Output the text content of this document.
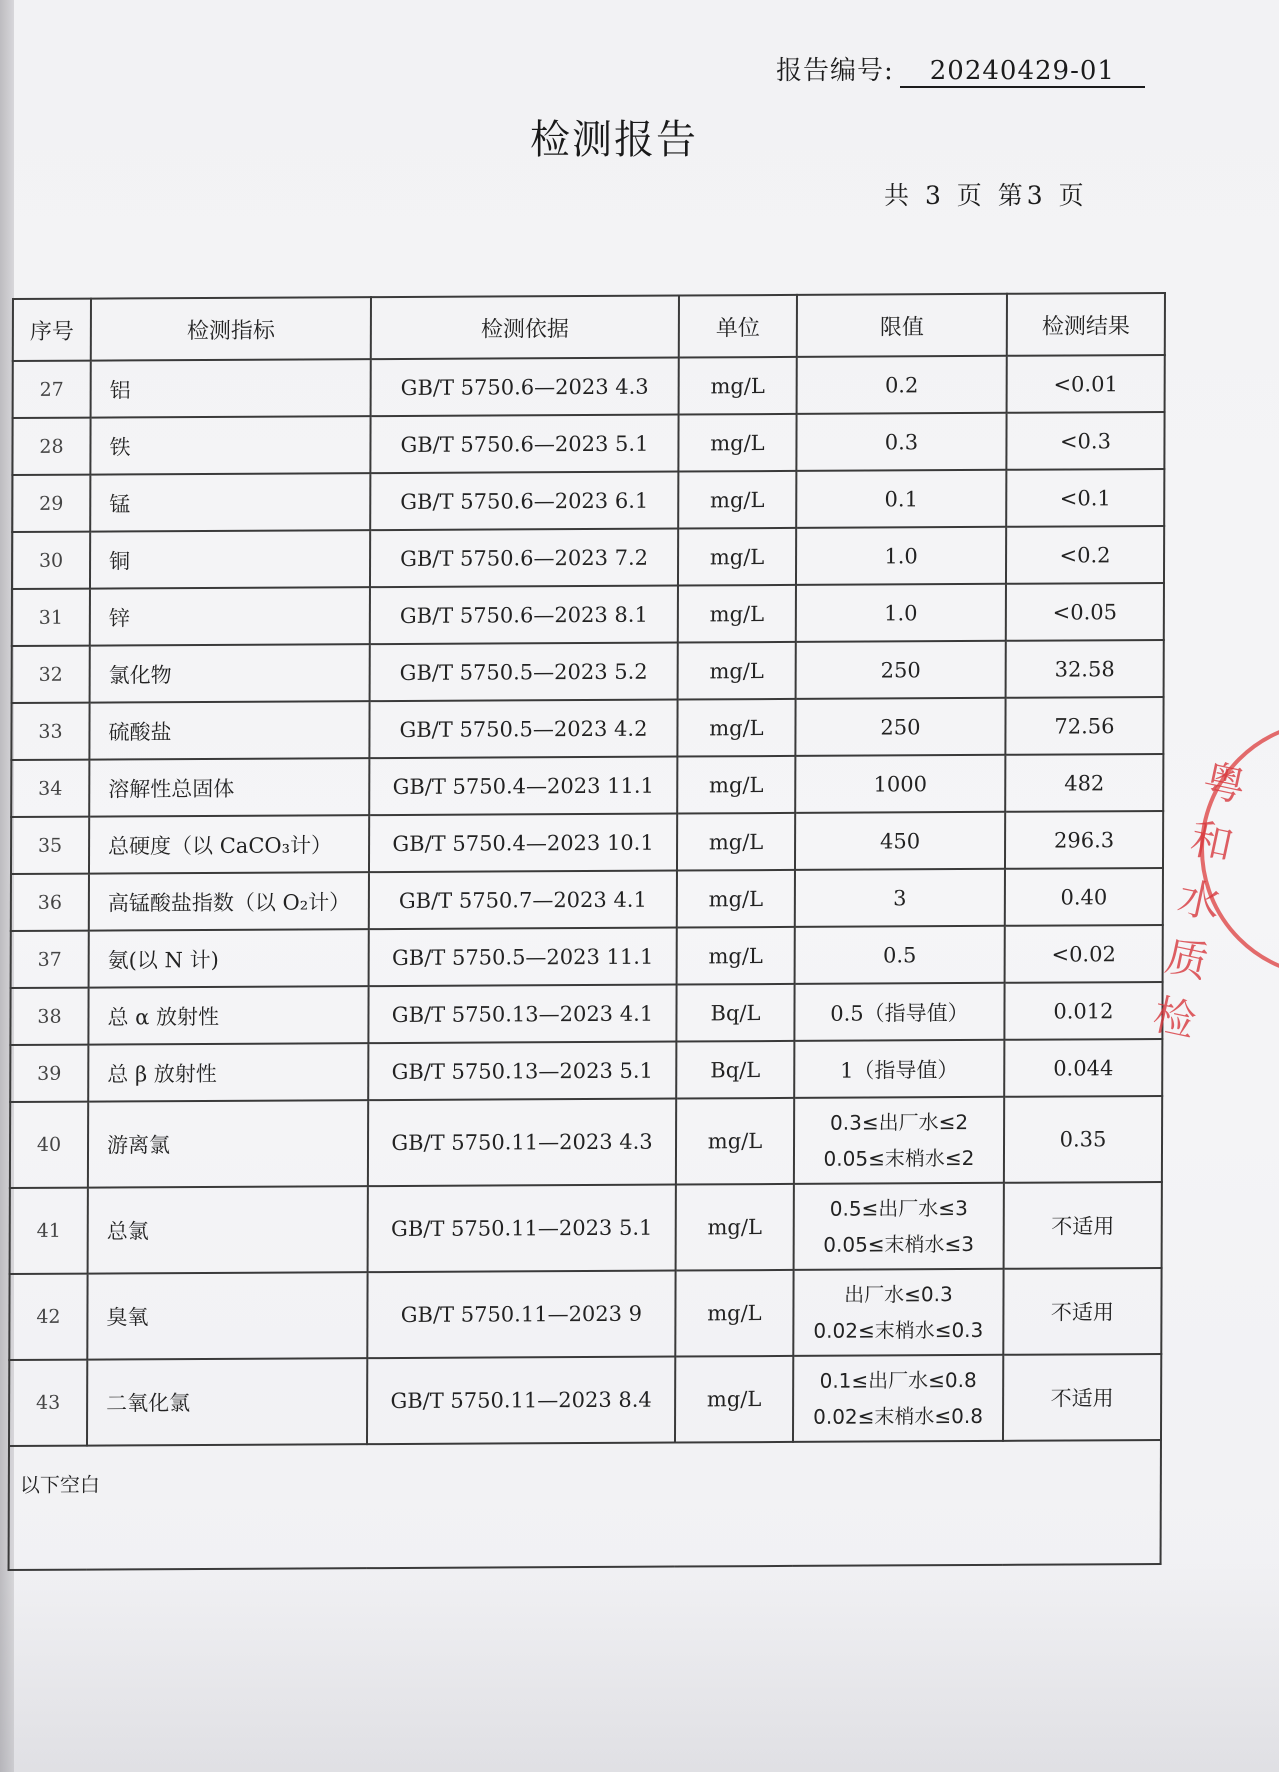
报告编号: 20240429-01
检测报告
共 3 页 第3 页
序号	检测指标	检测依据	单位	限值	检测结果
27	铝	GB/T 5750.6—2023 4.3	mg/L	0.2	<0.01
28	铁	GB/T 5750.6—2023 5.1	mg/L	0.3	<0.3
29	锰	GB/T 5750.6—2023 6.1	mg/L	0.1	<0.1
30	铜	GB/T 5750.6—2023 7.2	mg/L	1.0	<0.2
31	锌	GB/T 5750.6—2023 8.1	mg/L	1.0	<0.05
32	氯化物	GB/T 5750.5—2023 5.2	mg/L	250	32.58
33	硫酸盐	GB/T 5750.5—2023 4.2	mg/L	250	72.56
34	溶解性总固体	GB/T 5750.4—2023 11.1	mg/L	1000	482
35	总硬度（以 CaCO₃计）	GB/T 5750.4—2023 10.1	mg/L	450	296.3
36	高锰酸盐指数（以 O₂计）	GB/T 5750.7—2023 4.1	mg/L	3	0.40
37	氨(以 N 计)	GB/T 5750.5—2023 11.1	mg/L	0.5	<0.02
38	总 α 放射性	GB/T 5750.13—2023 4.1	Bq/L	0.5（指导值）	0.012
39	总 β 放射性	GB/T 5750.13—2023 5.1	Bq/L	1（指导值）	0.044
40	游离氯	GB/T 5750.11—2023 4.3	mg/L	0.3≤出厂水≤2
0.05≤末梢水≤2	0.35
41	总氯	GB/T 5750.11—2023 5.1	mg/L	0.5≤出厂水≤3
0.05≤末梢水≤3	不适用
42	臭氧	GB/T 5750.11—2023 9	mg/L	出厂水≤0.3
0.02≤末梢水≤0.3	不适用
43	二氧化氯	GB/T 5750.11—2023 8.4	mg/L	0.1≤出厂水≤0.8
0.02≤末梢水≤0.8	不适用
以下空白					
粤和水质检
